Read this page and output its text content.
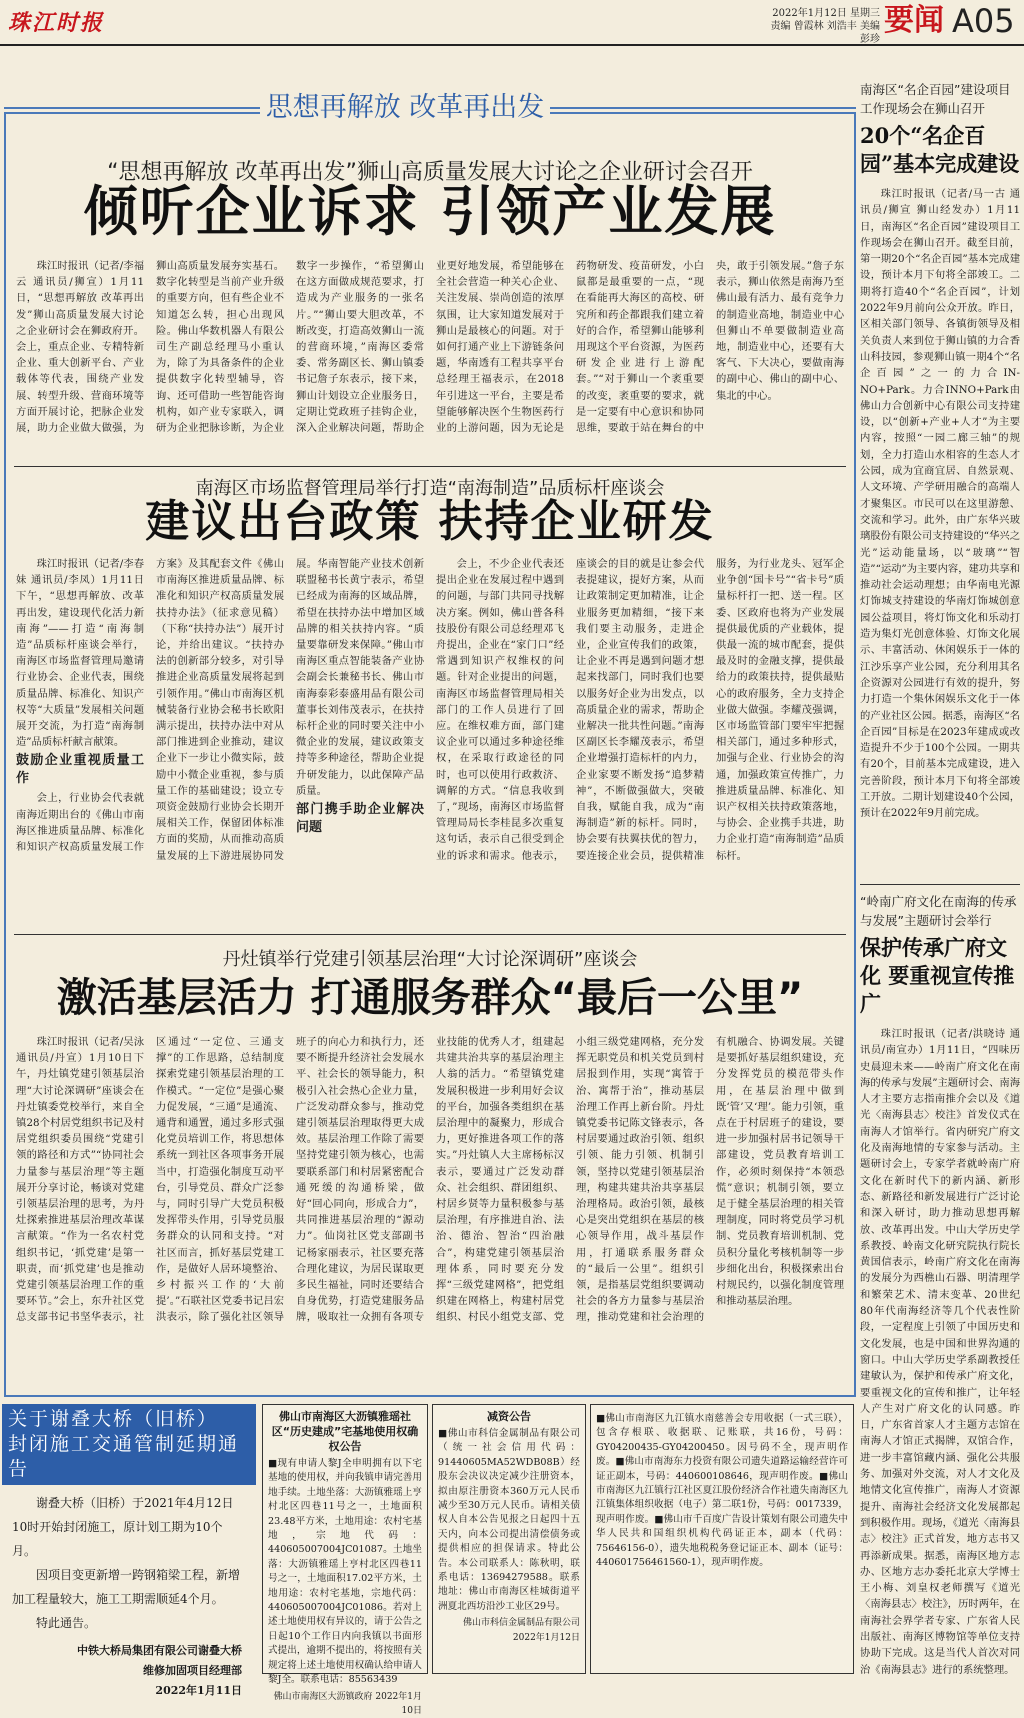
珠江时报	2022年1月12日 星期三
责编 曾霞林 刘浩丰 美编 彭珍
要闻 A05
思想再解放 改革再出发
“思想再解放 改革再出发”狮山高质量发展大讨论之企业研讨会召开
倾听企业诉求 引领产业发展

珠江时报讯（记者/李福云 通讯员/狮宣）1月11日，“思想再解放 改革再出发”狮山高质量发展大讨论之企业研讨会在狮政府开。会上，重点企业、专精特新企业、重大创新平台、产业载体等代表，围绕产业发展、转型升级、营商环境等方面开展讨论，把脉企业发展，助力企业做大做强，为狮山高质量发展夯实基石。数字化转型是当前产业升级的重要方向，但有些企业不知道怎么转，担心出现风险。佛山华数机器人有限公司生产副总经理马小重认为，除了为具备条件的企业提供数字化转型辅导，咨询、还可借助一些智能咨询机构，如产业专家联入，调研为企业把脉诊断，为企业数字一步操作，“希望狮山在这方面做成规范要求，打造成为产业服务的一张名片。”“狮山要大胆改革，不断改变，打造高效狮山一流的营商环境，”南海区委常委、常务副区长、狮山镇委书记詹子东表示，接下来，狮山计划设立企业服务日，定期让党政班子挂钩企业，深入企业解决问题，帮助企业更好地发展，希望能够在全社会营造一种关心企业、关注发展、崇尚创造的浓厚氛围，让大家知道发展对于狮山是最核心的问题。对于如何打通产业上下游链条问题，华南透有工程共享平台总经理王福表示，在2018年引进这一平台，主要是希望能够解决医个生物医药行业的上游问题，因为无论是药物研发、疫苗研发，小白鼠都是最重要的一点，“现在看能再大海区的高校、研究所和药企都跟我们建立着好的合作，希望狮山能够利用现这个平台资源，为医药研发企业进行上游配套。”“对于狮山一个袤重要的改变，袤重要的要求，就是一定要有中心意识和协同思维，要敢于站在舞台的中央，敢于引领发展。”詹子东表示，狮山依然是南海乃至佛山最有活力、最有竞争力的制造业高地，制造业中心但狮山不单要做制造业高地，制造业中心，还要有大客气、下大决心，要做南海的副中心、佛山的副中心、集北的中心。

南海区市场监督管理局举行打造“南海制造”品质标杆座谈会
建议出台政策 扶持企业研发

珠江时报讯（记者/李春妹 通讯员/李凤）1月11日下午，“思想再解放、改革再出发，建设现代化活力新南海”——打造“南海制造”品质标杆座谈会举行，南海区市场监督管理局邀请行业协会、企业代表，围绕质量品牌、标准化、知识产权等“大质量”发展相关问题展开交流，为打造“南海制造”品质标杆献言献策。

鼓励企业重视质量工作

会上，行业协会代表就南海近期出台的《佛山市南海区推进质量品牌、标准化和知识产权高质量发展工作方案》及其配套文件《佛山市南海区推进质量品牌、标准化和知识产权高质量发展扶持办法》（征求意见稿）（下称“扶持办法”）展开讨论，并给出建议。“扶持办法的创新部分较多，对引导推进企业高质量发展将起到引领作用。”佛山市南海区机械装备行业协会秘书长欧阳满示提出，扶持办法中对从部门推进到企业推动，建议企业下一步让小微实际，鼓励中小微企业重视，参与质量工作的基础建设；设立专项资金鼓励行业协会长期开展相关工作，保留团体标准方面的奖励，从而推动高质量发展的上下游进展协同发展。华南智能产业技术创新联盟秘书长黄宁表示，希望已经成为南海的区域品牌，希望在扶持办法中增加区域品牌的相关扶持内容。“质量要靠研发来保障。”佛山市南海区重点智能装备产业协会副会长兼秘书长、佛山市南海泰彩泰盛用品有限公司董事长刘伟茂表示，在扶持标杆企业的同时要关注中小微企业的发展，建议政策支持等多种途径，帮助企业提升研发能力，以此保障产品质量。

部门携手助企业解决问题

会上，不少企业代表还提出企业在发展过程中遇到的问题，与部门共同寻找解决方案。例如，佛山普各科技股份有限公司总经理邓飞舟提出，企业在“家门口”经常遇到知识产权维权的问题。针对企业提出的问题，南海区市场监督管理局相关部门的工作人员进行了回应。在维权难方面，部门建议企业可以通过多种途径维权，在采取行政途径的同时，也可以使用行政救济、调解的方式。“信息我收到了，”现场，南海区市场监督管理局局长李桂昆多次重复这句话，表示自己很受到企业的诉求和需求。他表示，座谈会的目的就是让参会代表提建议，提好方案，从而让政策制定更加精准，让企业服务更加精细，“接下来我们要主动服务，走进企业，企业宣传我们的政策，让企业不再是遇到问题才想起来找部门，同时我们也要以服务好企业为出发点，以高质量企业的需求，帮助企业解决一批共性问题。”南海区副区长李耀茂表示，希望企业增强打造标杆的内力，企业家要不断发扬“追梦精神”，不断做强做大，突破自我，赋能自我，成为“南海制造”新的标杆。同时，协会要有扶翼扶优的智力，要连接企业会员，提供精准服务，为行业龙头、冠军企业争创“国卡号”“省卡号”质量标杆打一把、送一程。区委、区政府也将为产业发展提供最优质的产业载体，提供最一流的城市配套，提供最及时的金融支撑，提供最给力的政策扶持，提供最贴心的政府服务，全力支持企业做大做强。李耀茂强调，区市场监管部门要牢牢把握相关部门，通过多种形式，加强与企业、行业协会的沟通，加强政策宣传推广，力推进质量品牌、标准化、知识产权相关扶持政策落地，与协会、企业携手共进，助力企业打造“南海制造”品质标杆。

丹灶镇举行党建引领基层治理“大讨论深调研”座谈会
激活基层活力 打通服务群众“最后一公里”

珠江时报讯（记者/吴泳 通讯员/丹宣）1月10日下午，丹灶镇党建引领基层治理“大讨论深调研”座谈会在丹灶镇委党校举行，来自全镇28个村居党组织书记及村居党组织委员围绕“党建引领的路径和方式”“协同社会力量参与基层治理”等主题展开分享讨论，畅谈对党建引领基层治理的思考，为丹灶探索推进基层治理改革谋言献策。“作为一名农村党组织书记，‘抓党建’是第一职责，而‘抓党建’也是推动党建引领基层治理工作的重要环节。”会上，东升社区党总支部书记书坚华表示，社区通过“一定位、三通支撑”的工作思路，总结制度探索党建引领基层治理的工作模式。“一定位”是强心聚力促发展，“三通”是通流、通背和通置，通过多形式强化党员培训工作，将思想体系统一到社区各项事务开展当中，打造强化制度互动平台，引导党员、群众广泛参与，同时引导广大党员积极发挥带头作用，引导党员服务群众的认同和支持。“对社区而言，抓好基层党建工作，是做好人居环境整治、乡村振兴工作的‘大前提’。”石联社区党委书记吕宏洪表示，除了强化社区领导班子的向心力和执行力，还要不断提升经济社会发展水平、社会长的领导能力，积极引入社会热心企业力量，广泛发动群众参与，推动党建引领基层治理取得更大成效。基层治理工作除了需要坚持党建引领为核心，也需要联系部门和村居紧密配合通死缓的沟通桥梁，做好“回心同向，形成合力”，共同推进基层治理的“源动力”。仙岗社区党支部副书记杨家丽表示，社区要充落合理化建议，为居民谋取更多民生福祉，同时还要结合自身优势，打造党建服务品牌，吸取社一众拥有各项专业技能的优秀人才，组建起共建共治共享的基层治理主人翁的活力。“希望镇党建发展积极进一步利用好会议的平台，加强各类组织在基层治理中的凝聚力，形成合力，更好推进各项工作的落实。”丹灶镇人大主席杨标汉表示，要通过广泛发动群众、社会组织、群团组织、村居乡贤等力量积极参与基层治理，有序推进自治、法治、德治、智治“四治融合”，构建党建引领基层治理体系，同时要充分发挥“三级党建网格”，把党组织建在网格上，构建村居党组织、村民小组党支部、党小组三级党建网格，充分发挥无职党员和机关党员到村居报到作用，实现“寓管于治、寓帮于治”，推动基层治理工作再上新台阶。丹灶镇党委书记陈文锋表示，各村居要通过政治引领、组织引领、能力引领、机制引领，坚持以党建引领基层治理，构建共建共治共享基层治理格局。政治引领，最核心是突出党组织在基层的核心领导作用，战斗基层作用，打通联系服务群众的“最后一公里”。组织引领，是指基层党组织要调动社会的各方力量参与基层治理，推动党建和社会治理的有机融合、协调发展。关键是要抓好基层组织建设，充分发挥党员的模范带头作用，在基层治理中做到既‘管’又‘理’。能力引领，重点在于村居班子的建设，要进一步加强村居书记领导干部建设，党员教育培训工作，必须时刻保持“本领恐慌”意识；机制引领，要立足于健全基层治理的相关管理制度，同时将党员学习机制、党员教育培训机制、党员积分量化考核机制等一步步细化出台，积极探索出台村规民约，以强化制度管理和推动基层治理。

南海区“名企百园”建设项目工作现场会在狮山召开
20个“名企百园”基本完成建设

珠江时报讯（记者/马一古 通讯员/狮宣 狮山经发办）1月11日，南海区“名企百园”建设项目工作现场会在狮山召开。截至目前，第一期20个“名企百园”基本完成建设，预计本月下旬将全部竣工。二期将打造40个“名企百园”，计划2022年9月前向公众开放。昨日，区相关部门领导、各镇街领导及相关负责人来到位于狮山镇的力合香山科技园，参观狮山镇一期4个“名企百园”之一的力合IN-NO+Park。力合INNO+Park由佛山力合创新中心有限公司支持建设，以“创新+产业+人才”为主要内容，按照“一园二廊三轴”的规划，全力打造山水相容的生态人才公园，成为宜商宜居、自然景观、人文环境、产学研用融合的高端人才聚集区。市民可以在这里游憩、交流和学习。此外，由广东华兴玻璃股份有限公司支持建设的“华兴之光”运动能量场，以“玻璃”“智造”“运动”为主要内容，建功共享和推动社会运动理想；由华南电光源灯饰城支持建设的华南灯饰城创意园公益项目，将灯饰文化和乐动打造为集灯光创意体验、灯饰文化展示、丰富活动、休闲娱乐于一体的江沙乐享产业公园，充分利用其名企资源对公园进行有效的提升，努力打造一个集休闲娱乐文化于一体的产业社区公园。据悉，南海区“名企百园”目标是在2023年建成或改造提升不少于100个公园。一期共有20个，目前基本完成建设，进入完善阶段，预计本月下旬将全部竣工开放。二期计划建设40个公园，预计在2022年9月前完成。

“岭南广府文化在南海的传承与发展”主题研讨会举行
保护传承广府文化 要重视宣传推广

珠江时报讯（记者/洪晓诗 通讯员/南宣办）1月11日，“四味历史晨迎未来——岭南广府文化在南海的传承与发展”主题研讨会、南海人才主要方志指南推介会以及《道光〈南海县志〉校注》首发仪式在南海人才馆举行。省内研究广府文化及南海地情的专家参与活动。主题研讨会上，专家学者就岭南广府文化在新时代下的新内涵、新形态、新路径和新发展进行广泛讨论和深入研讨，助力推动思想再解放、改革再出发。中山大学历史学系教授、岭南文化研究院执行院长黄国信表示，岭南广府文化在南海的发展分为西樵山石器、明清理学和繁荣艺术、清末变革、20世纪80年代南海经济等几个代表性阶段，一定程度上引领了中国历史和文化发展，也是中国和世界沟通的窗口。中山大学历史学系副教授任建敏认为，保护和传承广府文化，要重视文化的宣传和推广，让年轻人产生对广府文化的认同感。昨日，广东省首家人才主题方志馆在南海人才馆正式揭牌，双馆合作，进一步丰富馆藏内涵、强化公共服务、加强对外交流，对人才文化及地情文化宣传推广，南海人才资源提升、南海社会经济文化发展都起到积极作用。现场，《道光〈南海县志〉校注》正式首发，地方志书又再添新成果。据悉，南海区地方志办、区地方志办委托北京大学博士王小梅、刘皇权老师撰写《道光〈南海县志〉校注》，历时两年，在南海社会界学者专家、广东省人民出版社、南海区博物馆等单位支持协助下完成。这是当代人首次对同治《南海县志》进行的系统整理。

关于谢叠大桥（旧桥）
封闭施工交通管制延期通告

谢叠大桥（旧桥）于2021年4月12日10时开始封闭施工，原计划工期为10个月。

因项目变更新增一跨钢箱梁工程，新增加工程量较大，施工工期需顺延4个月。

特此通告。

中铁大桥局集团有限公司谢叠大桥
维修加固项目经理部
2022年1月11日
佛山市南海区大沥镇雅瑶社区“历史建成”宅基地使用权确权公告
■现有申请人黎J全申明拥有以下宅基地的使用权，并向我镇申请完善用地手续。土地坐落：大沥镇雅瑶上亨村北区四巷11号之一，土地面积23.48平方米，土地用途：农村宅基地，宗地代码：440605007004JC01087。土地坐落：大沥镇雅瑶上亨村北区四巷11号之一，土地面积17.02平方米，土地用途：农村宅基地，宗地代码：440605007004JC01086。若对上述土地使用权有异议的，请于公告之日起10个工作日内向我镇以书面形式提出，逾期不提出的，将按照有关规定将上述土地使用权确认给申请人黎J全。联系电话：85563439
佛山市南海区大沥镇政府 2022年1月10日
减资公告
■佛山市科信金属制品有限公司（统一社会信用代码：91440605MA52WDB08B）经股东会决议决定减少注册资本，拟由原注册资本360万元人民币减少至30万元人民币。请相关债权人自本公告见报之日起四十五天内，向本公司提出清偿债务或提供相应的担保请求。特此公告。本公司联系人：陈秋明，联系电话：13694279588。联系地址：佛山市南海区桂城街道平洲夏北西坊沿沙工业区29号。
佛山市科信金属制品有限公司 2022年1月12日
■佛山市南海区九江镇水南慈善会专用收据（一式三联），包含存根联、收据联、记账联，共16份，号码：GY04200435-GY04200450。因号码不全，现声明作废。■佛山市南海东力投资有限公司遗失道路运输经营许可证正副本，号码：440600108646，现声明作废。■佛山市南海区九江镇行江社区夏江股份经济合作社遗失南海区九江镇集体组织收据（电子）第二联1份，号码：0017339，现声明作废。■佛山市千百度广告设计策划有限公司遗失中华人民共和国组织机构代码证正本，副本（代码：75646156-0），遗失地税税务登记证正本、副本（证号：440601756461560-1），现声明作废。
